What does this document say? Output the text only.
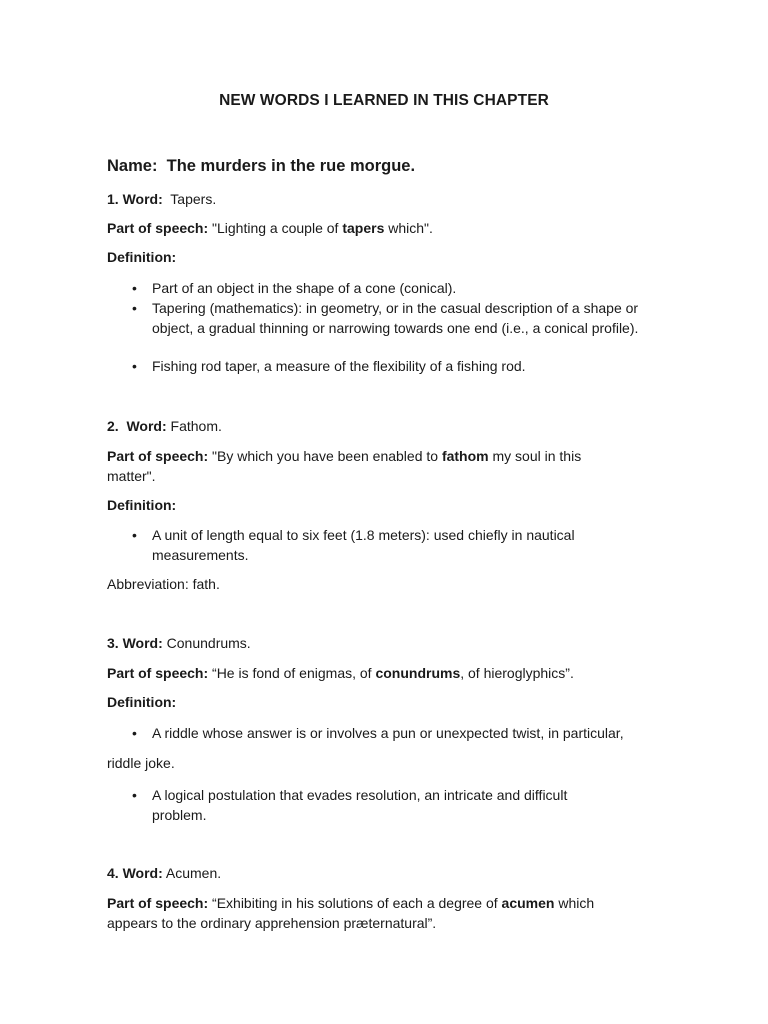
NEW WORDS I LEARNED IN THIS CHAPTER
Name: The murders in the rue morgue.
1. Word: Tapers.
Part of speech: "Lighting a couple of tapers which".
Definition:
• Part of an object in the shape of a cone (conical).
• Tapering (mathematics): in geometry, or in the casual description of a shape or object, a gradual thinning or narrowing towards one end (i.e., a conical profile).
• Fishing rod taper, a measure of the flexibility of a fishing rod.
2. Word: Fathom.
Part of speech: "By which you have been enabled to fathom my soul in this matter".
Definition:
• A unit of length equal to six feet (1.8 meters): used chiefly in nautical measurements.
Abbreviation: fath.
3. Word: Conundrums.
Part of speech: “He is fond of enigmas, of conundrums, of hieroglyphics”.
Definition:
• A riddle whose answer is or involves a pun or unexpected twist, in particular,
riddle joke.
• A logical postulation that evades resolution, an intricate and difficult problem.
4. Word: Acumen.
Part of speech: “Exhibiting in his solutions of each a degree of acumen which appears to the ordinary apprehension præternatural”.
